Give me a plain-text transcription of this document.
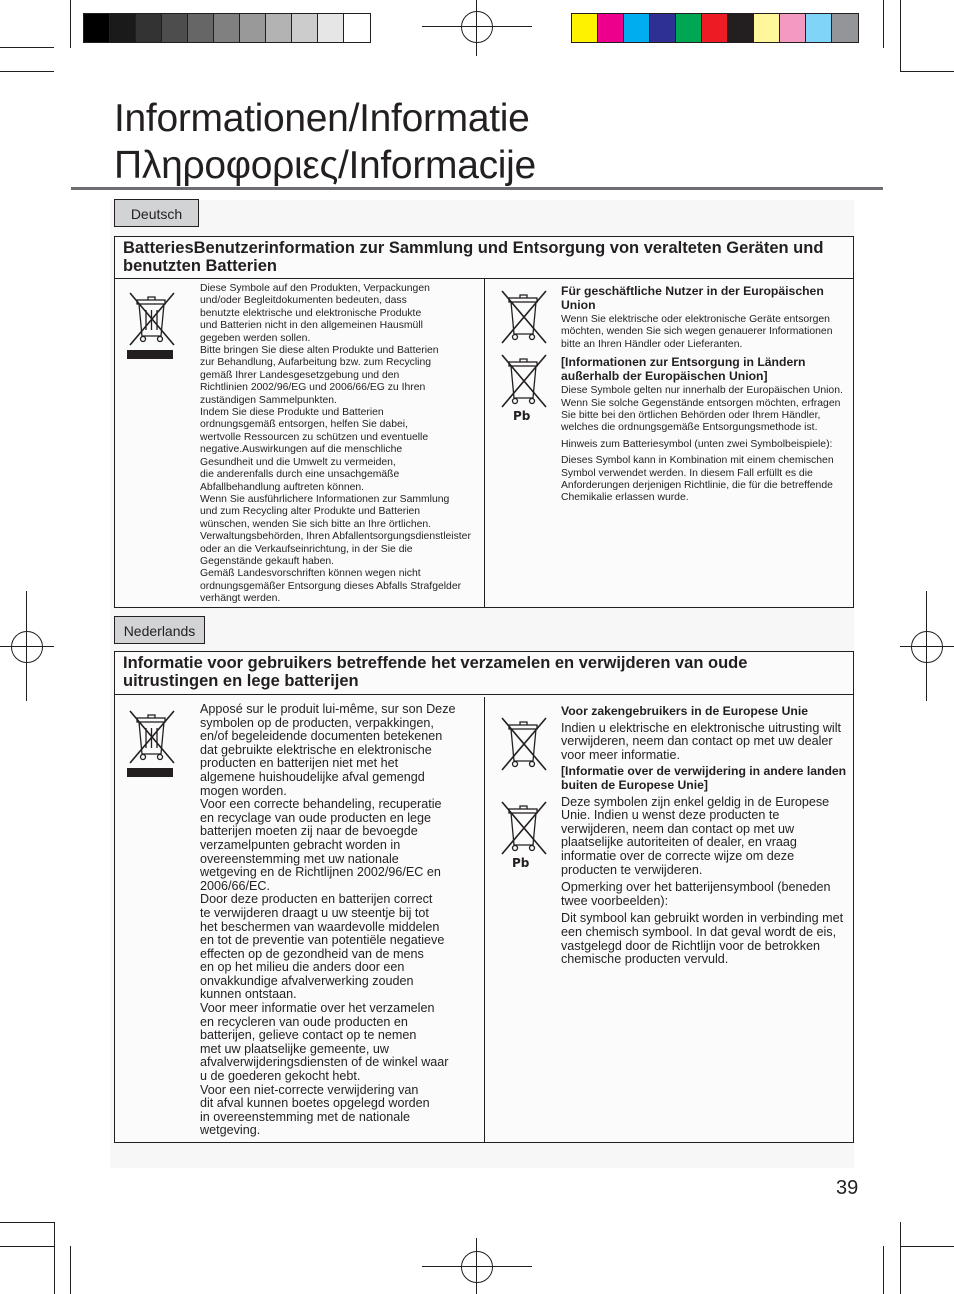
Informationen/Informatie
Πληροφοριες/Informacije
Deutsch
BatteriesBenutzerinformation zur Sammlung und Entsorgung von veralteten Geräten und benutzten Batterien
Diese Symbole auf den Produkten, Verpackungen
und/oder Begleitdokumenten bedeuten, dass
benutzte elektrische und elektronische Produkte
und Batterien nicht in den allgemeinen Hausmüll
gegeben werden sollen.
Bitte bringen Sie diese alten Produkte und Batterien
zur Behandlung, Aufarbeitung bzw. zum Recycling
gemäß Ihrer Landesgesetzgebung und den
Richtlinien 2002/96/EG und 2006/66/EG zu Ihren
zuständigen Sammelpunkten.
Indem Sie diese Produkte und Batterien
ordnungsgemäß entsorgen, helfen Sie dabei,
wertvolle Ressourcen zu schützen und eventuelle
negative.Auswirkungen auf die menschliche
Gesundheit und die Umwelt zu vermeiden,
die anderenfalls durch eine unsachgemäße
Abfallbehandlung auftreten können.
Wenn Sie ausführlichere Informationen zur Sammlung
und zum Recycling alter Produkte und Batterien
wünschen, wenden Sie sich bitte an Ihre örtlichen.
Verwaltungsbehörden, Ihren Abfallentsorgungsdienstleister
oder an die Verkaufseinrichtung, in der Sie die
Gegenstände gekauft haben.
Gemäß Landesvorschriften können wegen nicht
ordnungsgemäßer Entsorgung dieses Abfalls Strafgelder
verhängt werden.
Pb

Für geschäftliche Nutzer in der Europäischen Union

Wenn Sie elektrische oder elektronische Geräte entsorgen möchten, wenden Sie sich wegen genauerer Informationen bitte an Ihren Händler oder Lieferanten.

[Informationen zur Entsorgung in Ländern außerhalb der Europäischen Union]

Diese Symbole gelten nur innerhalb der Europäischen Union. Wenn Sie solche Gegenstände entsorgen möchten, erfragen Sie bitte bei den örtlichen Behörden oder Ihrem Händler, welches die ordnungsgemäße Entsorgungsmethode ist.

Hinweis zum Batteriesymbol (unten zwei Symbolbeispiele):

Dieses Symbol kann in Kombination mit einem chemischen Symbol verwendet werden. In diesem Fall erfüllt es die Anforderungen derjenigen Richtlinie, die für die betreffende Chemikalie erlassen wurde.

Nederlands
Informatie voor gebruikers betreffende het verzamelen en verwijderen van oude uitrustingen en lege batterijen
Apposé sur le produit lui-même, sur son Deze
symbolen op de producten, verpakkingen,
en/of begeleidende documenten betekenen
dat gebruikte elektrische en elektronische
producten en batterijen niet met het
algemene huishoudelijke afval gemengd
mogen worden.
Voor een correcte behandeling, recuperatie
en recyclage van oude producten en lege
batterijen moeten zij naar de bevoegde
verzamelpunten gebracht worden in
overeenstemming met uw nationale
wetgeving en de Richtlijnen 2002/96/EC en
2006/66/EC.
Door deze producten en batterijen correct
te verwijderen draagt u uw steentje bij tot
het beschermen van waardevolle middelen
en tot de preventie van potentiële negatieve
effecten op de gezondheid van de mens
en op het milieu die anders door een
onvakkundige afvalverwerking zouden
kunnen ontstaan.
Voor meer informatie over het verzamelen
en recycleren van oude producten en
batterijen, gelieve contact op te nemen
met uw plaatselijke gemeente, uw
afvalverwijderingsdiensten of de winkel waar
u de goederen gekocht hebt.
Voor een niet-correcte verwijdering van
dit afval kunnen boetes opgelegd worden
in overeenstemming met de nationale
wetgeving.
Pb

Voor zakengebruikers in de Europese Unie

Indien u elektrische en elektronische uitrusting wilt verwijderen, neem dan contact op met uw dealer voor meer informatie.

[Informatie over de verwijdering in andere landen buiten de Europese Unie]

Deze symbolen zijn enkel geldig in de Europese Unie. Indien u wenst deze producten te verwijderen, neem dan contact op met uw plaatselijke autoriteiten of dealer, en vraag informatie over de correcte wijze om deze producten te verwijderen.

Opmerking over het batterijensymbool (beneden twee voorbeelden):

Dit symbool kan gebruikt worden in verbinding met een chemisch symbool. In dat geval wordt de eis, vastgelegd door de Richtlijn voor de betrokken chemische producten vervuld.

39
